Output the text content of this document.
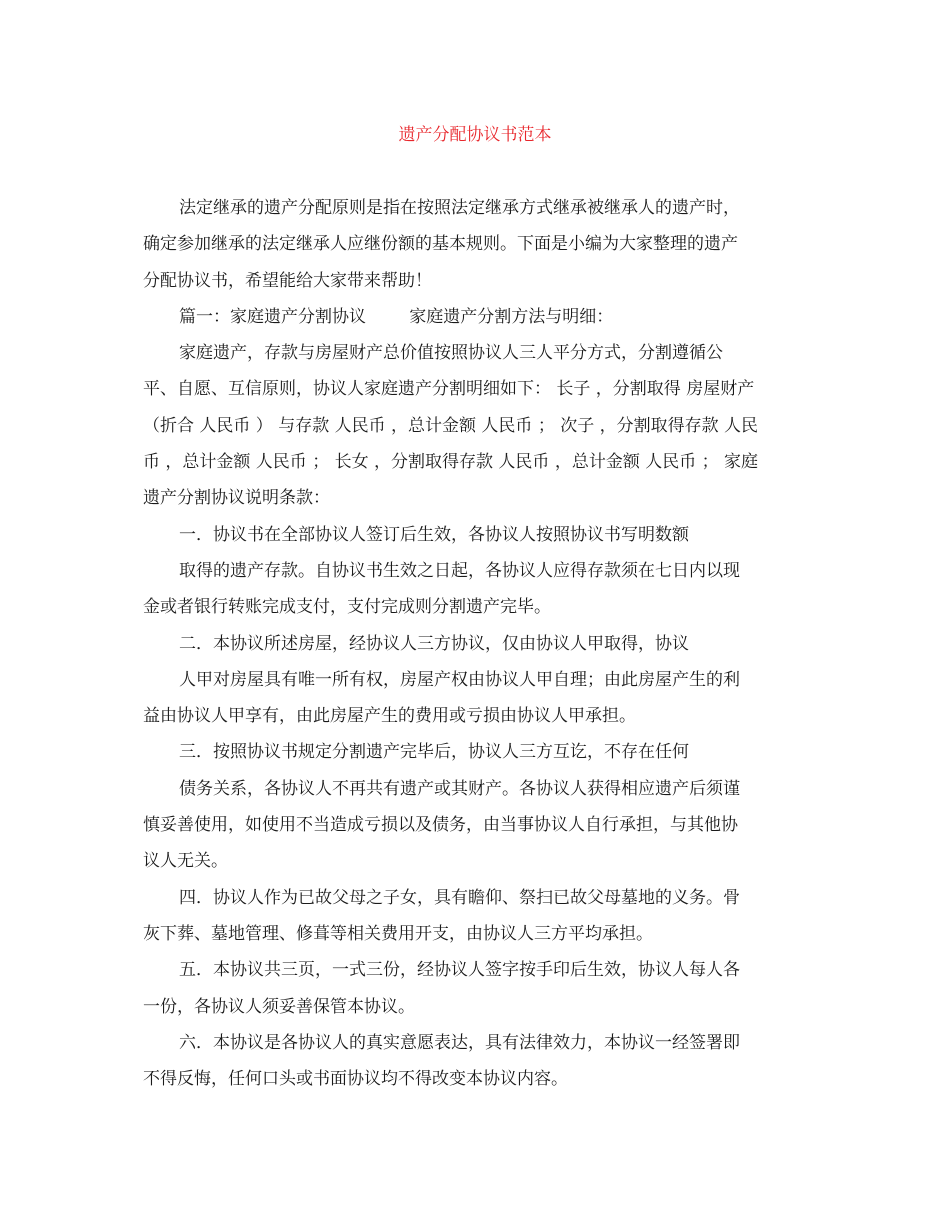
遗产分配协议书范本

法定继承的遗产分配原则是指在按照法定继承方式继承被继承人的遗产时，

确定参加继承的法定继承人应继份额的基本规则。下面是小编为大家整理的遗产

分配协议书，希望能给大家带来帮助！

篇一：家庭遗产分割协议        家庭遗产分割方法与明细：

家庭遗产，存款与房屋财产总价值按照协议人三人平分方式，分割遵循公

平、自愿、互信原则，协议人家庭遗产分割明细如下： 长子 ，分割取得 房屋财产

（折合 人民币 ） 与存款 人民币 ，总计金额 人民币 ； 次子 ，分割取得存款 人民

币 ，总计金额 人民币 ； 长女 ，分割取得存款 人民币 ，总计金额 人民币 ； 家庭

遗产分割协议说明条款：

一．协议书在全部协议人签订后生效，各协议人按照协议书写明数额

取得的遗产存款。自协议书生效之日起，各协议人应得存款须在七日内以现

金或者银行转账完成支付，支付完成则分割遗产完毕。

二．本协议所述房屋，经协议人三方协议，仅由协议人甲取得，协议

人甲对房屋具有唯一所有权，房屋产权由协议人甲自理；由此房屋产生的利

益由协议人甲享有，由此房屋产生的费用或亏损由协议人甲承担。

三．按照协议书规定分割遗产完毕后，协议人三方互讫，不存在任何

债务关系，各协议人不再共有遗产或其财产。各协议人获得相应遗产后须谨

慎妥善使用，如使用不当造成亏损以及债务，由当事协议人自行承担，与其他协

议人无关。

四．协议人作为已故父母之子女，具有瞻仰、祭扫已故父母墓地的义务。骨

灰下葬、墓地管理、修葺等相关费用开支，由协议人三方平均承担。

五．本协议共三页，一式三份，经协议人签字按手印后生效，协议人每人各

一份，各协议人须妥善保管本协议。

六．本协议是各协议人的真实意愿表达，具有法律效力，本协议一经签署即

不得反悔，任何口头或书面协议均不得改变本协议内容。
